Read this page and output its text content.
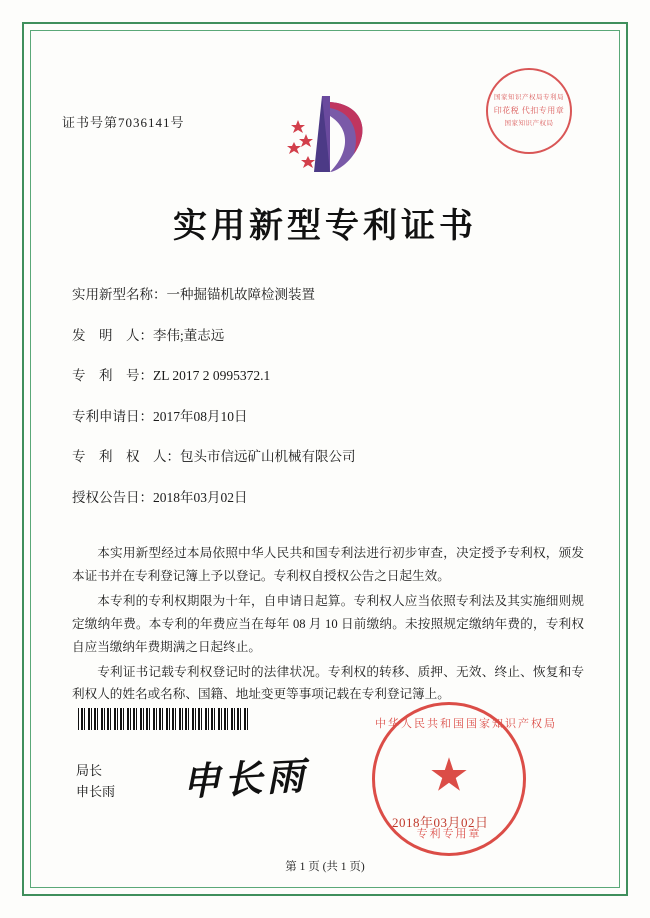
证书号第7036141号
国家知识产权局专利局
印花税 代扣专用章
国家知识产权局
实用新型专利证书
实用新型名称：一种掘锚机故障检测装置
发　明　人：李伟;董志远
专　利　号：ZL 2017 2 0995372.1
专利申请日：2017年08月10日
专　利　权　人：包头市信远矿山机械有限公司
授权公告日：2018年03月02日

本实用新型经过本局依照中华人民共和国专利法进行初步审查，决定授予专利权，颁发本证书并在专利登记簿上予以登记。专利权自授权公告之日起生效。

本专利的专利权期限为十年，自申请日起算。专利权人应当依照专利法及其实施细则规定缴纳年费。本专利的年费应当在每年 08 月 10 日前缴纳。未按照规定缴纳年费的，专利权自应当缴纳年费期满之日起终止。

专利证书记载专利权登记时的法律状况。专利权的转移、质押、无效、终止、恢复和专利权人的姓名或名称、国籍、地址变更等事项记载在专利登记簿上。

局长
申长雨 申长雨
中华人民共和国国家知识产权局
★
专利专用章
2018年03月02日
第 1 页 (共 1 页)
